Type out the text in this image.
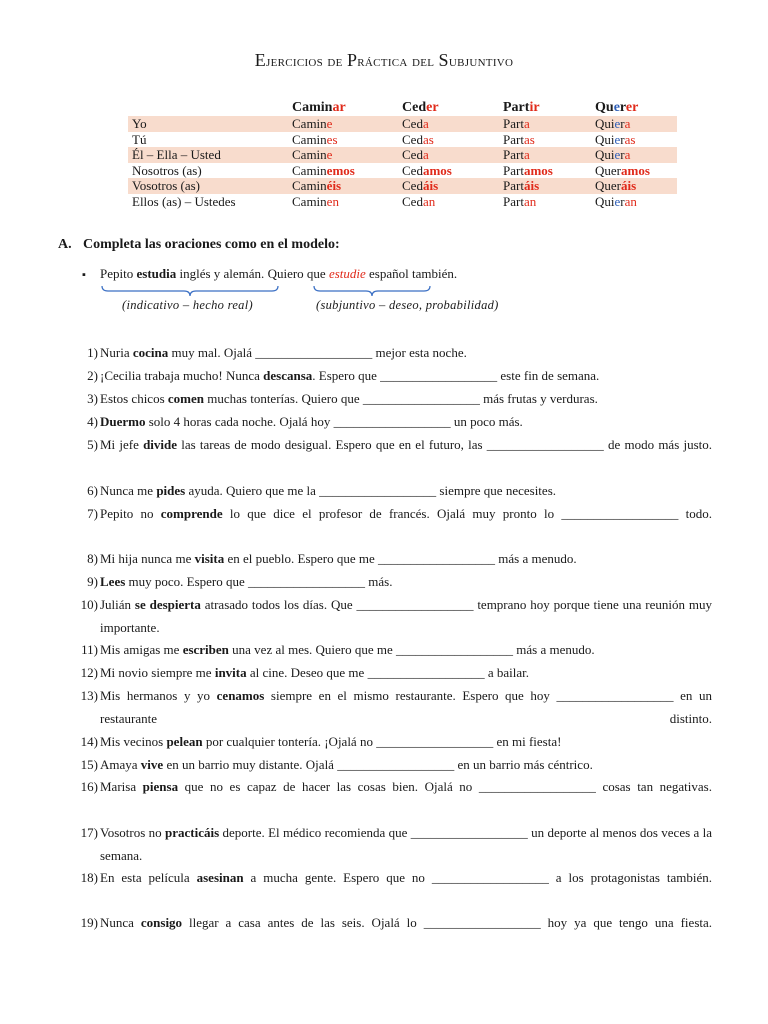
Ejercicios de Práctica del Subjuntivo
	Caminar	Ceder	Partir	Querer
Yo	Camine	Ceda	Parta	Quiera
Tú	Camines	Cedas	Partas	Quieras
Él – Ella – Usted	Camine	Ceda	Parta	Quiera
Nosotros (as)	Caminemos	Cedamos	Partamos	Queramos
Vosotros (as)	Caminéis	Cedáis	Partáis	Queráis
Ellos (as) – Ustedes	Caminen	Cedan	Partan	Quieran
A. Completa las oraciones como en el modelo:
▪ Pepito estudia inglés y alemán. Quiero que estudie español también.
(indicativo – hecho real)	(subjuntivo – deseo, probabilidad)
1) Nuria cocina muy mal. Ojalá __________________ mejor esta noche.
2) ¡Cecilia trabaja mucho! Nunca descansa. Espero que __________________ este fin de semana.
3) Estos chicos comen muchas tonterías. Quiero que __________________ más frutas y verduras.
4) Duermo solo 4 horas cada noche. Ojalá hoy __________________ un poco más.
5) Mi jefe divide las tareas de modo desigual. Espero que en el futuro, las __________________ de modo más justo.
6) Nunca me pides ayuda. Quiero que me la __________________ siempre que necesites.
7) Pepito no comprende lo que dice el profesor de francés. Ojalá muy pronto lo __________________ todo.
8) Mi hija nunca me visita en el pueblo. Espero que me __________________ más a menudo.
9) Lees muy poco. Espero que __________________ más.
10) Julián se despierta atrasado todos los días. Que __________________ temprano hoy porque tiene una reunión muy importante.
11) Mis amigas me escriben una vez al mes. Quiero que me __________________ más a menudo.
12) Mi novio siempre me invita al cine. Deseo que me __________________ a bailar.
13) Mis hermanos y yo cenamos siempre en el mismo restaurante. Espero que hoy __________________ en un restaurante distinto.
14) Mis vecinos pelean por cualquier tontería. ¡Ojalá no __________________ en mi fiesta!
15) Amaya vive en un barrio muy distante. Ojalá __________________ en un barrio más céntrico.
16) Marisa piensa que no es capaz de hacer las cosas bien. Ojalá no __________________ cosas tan negativas.
17) Vosotros no practicáis deporte. El médico recomienda que __________________ un deporte al menos dos veces a la semana.
18) En esta película asesinan a mucha gente. Espero que no __________________ a los protagonistas también.
19) Nunca consigo llegar a casa antes de las seis. Ojalá lo __________________ hoy ya que tengo una fiesta.
